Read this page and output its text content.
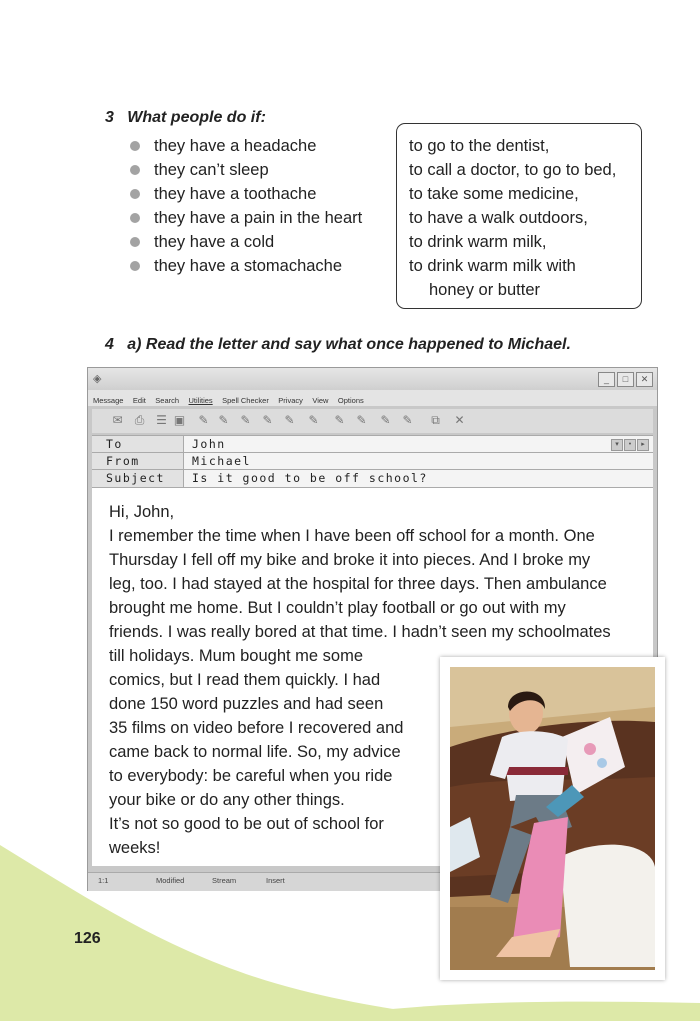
3 What people do if:
they have a headache
they can’t sleep
they have a toothache
they have a pain in the heart
they have a cold
they have a stomachache
to go to the dentist,
to call a doctor, to go to bed,
to take some medicine,
to have a walk outdoors,
to drink warm milk,
to drink warm milk with
honey or butter
4 a) Read the letter and say what once happened to Michael.
◈	_	□	✕
Message Edit Search Utilities Spell Checker Privacy View Options
✉ ⎙ ☰ ▣ ✎ ✎ ✎ ✎ ✎ ✎ ✎ ✎ ✎ ✎ ⧉ ✕
To	John	▾	•	▸
From	Michael
Subject	Is it good to be off school?
Hi, John,
I remember the time when I have been off school for a month. One
Thursday I fell off my bike and broke it into pieces. And I broke my
leg, too. I had stayed at the hospital for three days. Then ambulance
brought me home. But I couldn’t play football or go out with my
friends. I was really bored at that time. I hadn’t seen my schoolmates
till holidays. Mum bought me some
comics, but I read them quickly. I had
done 150 word puzzles and had seen
35 films on video before I recovered and
came back to normal life. So, my advice
to everybody: be careful when you ride
your bike or do any other things.
It’s not so good to be out of school for
weeks!
1:1	Modified	Stream	Insert
126
